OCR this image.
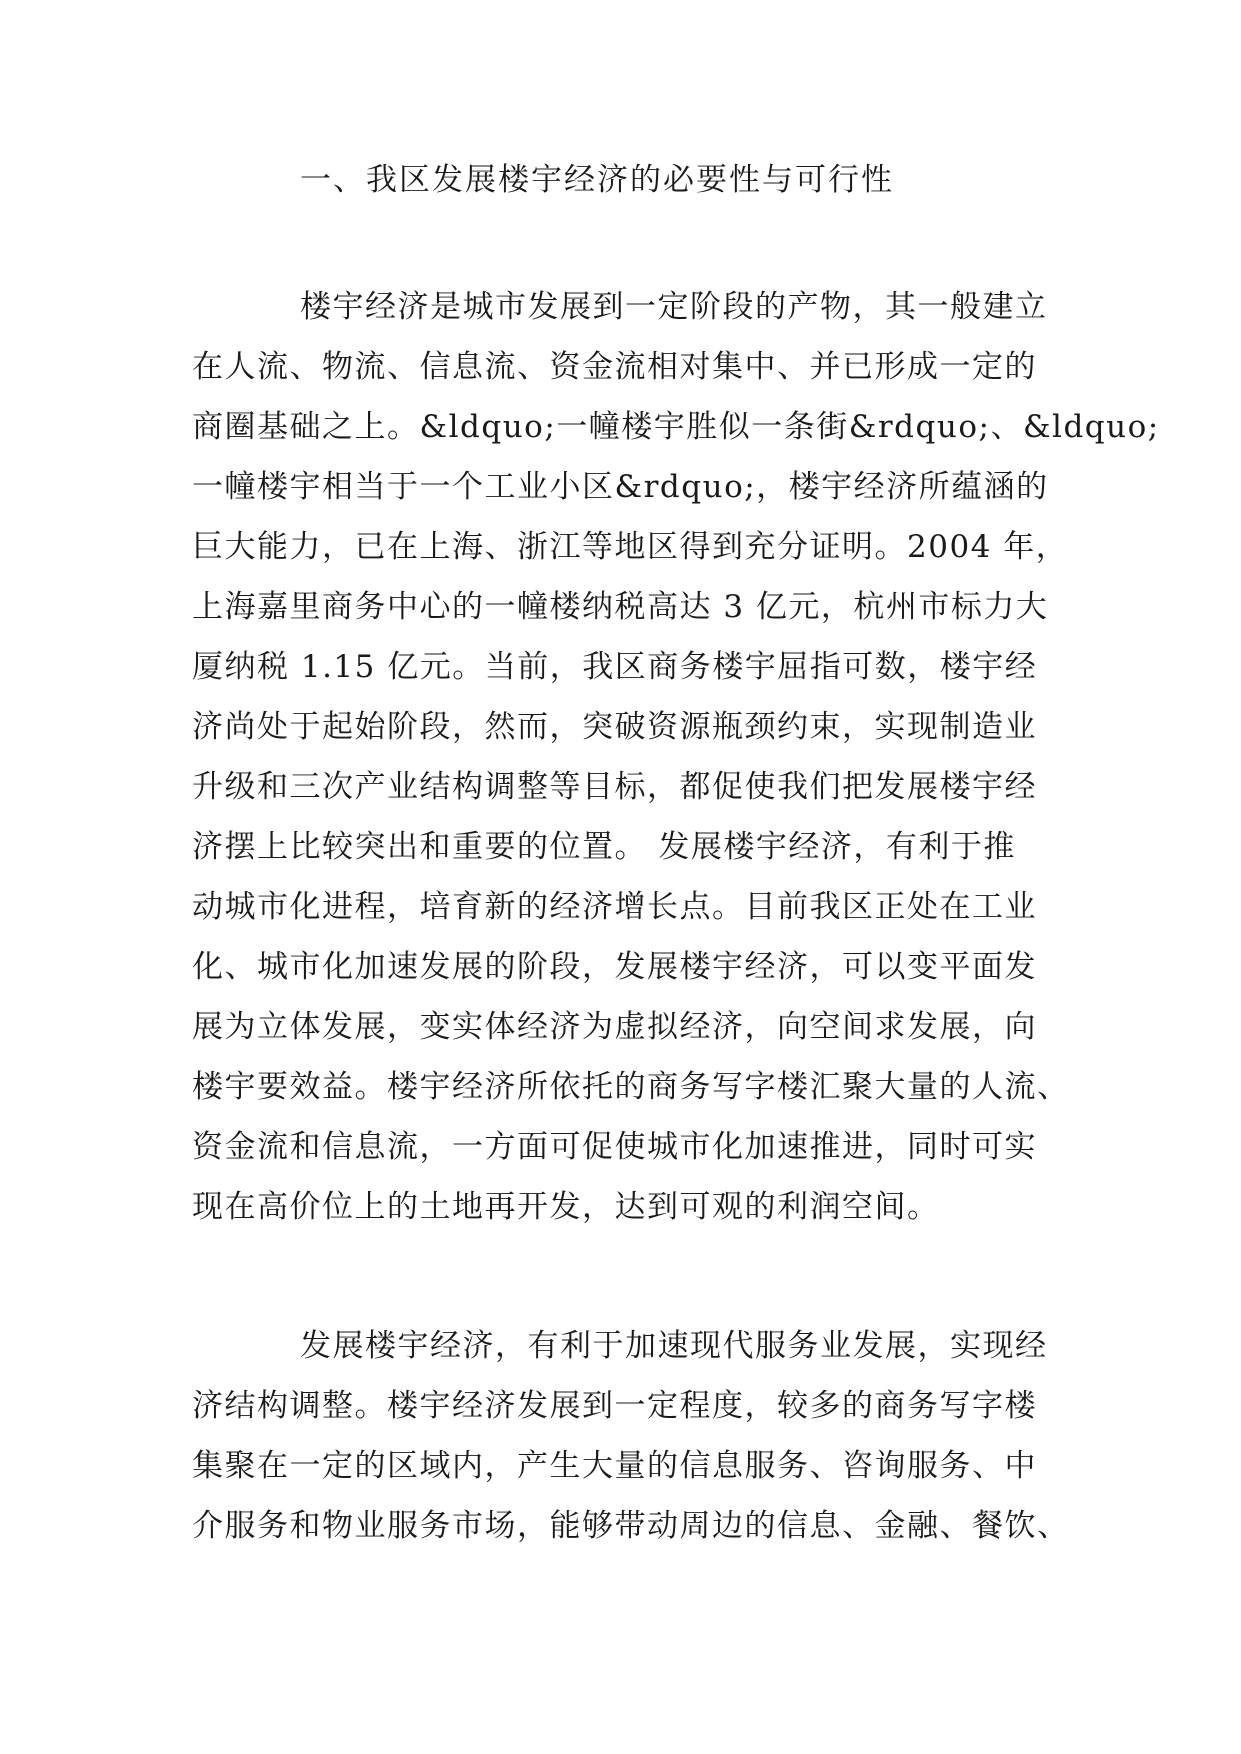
一、我区发展楼宇经济的必要性与可行性
楼宇经济是城市发展到一定阶段的产物，其一般建立
在人流、物流、信息流、资金流相对集中、并已形成一定的
商圈基础之上。&ldquo;一幢楼宇胜似一条街&rdquo;、&ldquo;
一幢楼宇相当于一个工业小区&rdquo;，楼宇经济所蕴涵的
巨大能力，已在上海、浙江等地区得到充分证明。2004 年，
上海嘉里商务中心的一幢楼纳税高达 3 亿元，杭州市标力大
厦纳税 1.15 亿元。当前，我区商务楼宇屈指可数，楼宇经
济尚处于起始阶段，然而，突破资源瓶颈约束，实现制造业
升级和三次产业结构调整等目标，都促使我们把发展楼宇经
济摆上比较突出和重要的位置。 发展楼宇经济，有利于推
动城市化进程，培育新的经济增长点。目前我区正处在工业
化、城市化加速发展的阶段，发展楼宇经济，可以变平面发
展为立体发展，变实体经济为虚拟经济，向空间求发展，向
楼宇要效益。楼宇经济所依托的商务写字楼汇聚大量的人流、
资金流和信息流，一方面可促使城市化加速推进，同时可实
现在高价位上的土地再开发，达到可观的利润空间。
发展楼宇经济，有利于加速现代服务业发展，实现经
济结构调整。楼宇经济发展到一定程度，较多的商务写字楼
集聚在一定的区域内，产生大量的信息服务、咨询服务、中
介服务和物业服务市场，能够带动周边的信息、金融、餐饮、
